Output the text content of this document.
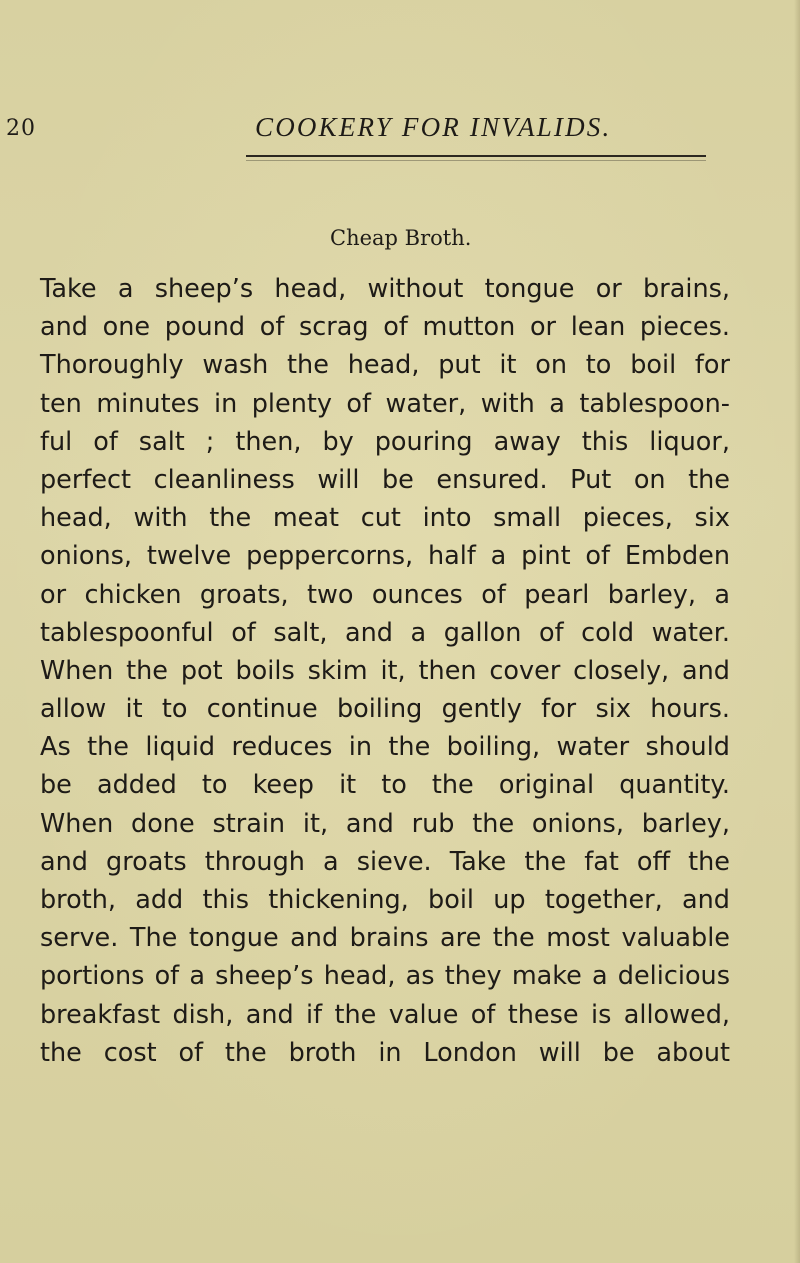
20	COOKERY FOR INVALIDS.
Cheap Broth.
Take a sheep’s head, without tongue or brains,
and one pound of scrag of mutton or lean pieces.
Thoroughly wash the head, put it on to boil for
ten minutes in plenty of water, with a tablespoon-
ful of salt ; then, by pouring away this liquor,
perfect cleanliness will be ensured. Put on the
head, with the meat cut into small pieces, six
onions, twelve peppercorns, half a pint of Embden
or chicken groats, two ounces of pearl barley, a
tablespoonful of salt, and a gallon of cold water.
When the pot boils skim it, then cover closely, and
allow it to continue boiling gently for six hours.
As the liquid reduces in the boiling, water should
be added to keep it to the original quantity.
When done strain it, and rub the onions, barley,
and groats through a sieve. Take the fat off the
broth, add this thickening, boil up together, and
serve. The tongue and brains are the most valuable
portions of a sheep’s head, as they make a delicious
breakfast dish, and if the value of these is allowed,
the cost of the broth in London will be about
